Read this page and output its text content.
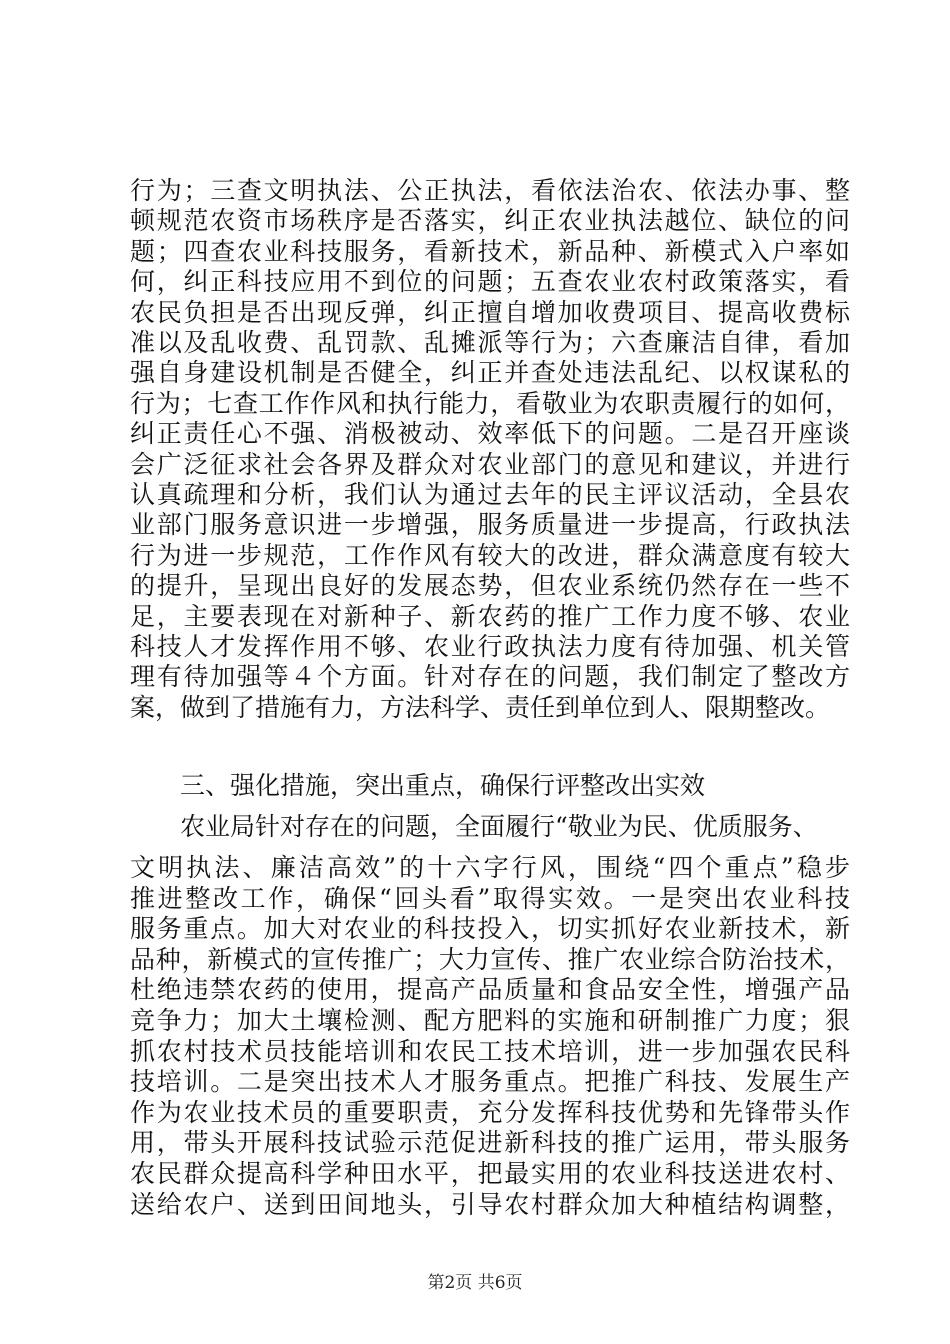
行为；三查文明执法、公正执法，看依法治农、依法办事、整
顿规范农资市场秩序是否落实，纠正农业执法越位、缺位的问
题；四查农业科技服务，看新技术，新品种、新模式入户率如
何，纠正科技应用不到位的问题；五查农业农村政策落实，看
农民负担是否出现反弹，纠正擅自增加收费项目、提高收费标
准以及乱收费、乱罚款、乱摊派等行为；六查廉洁自律，看加
强自身建设机制是否健全，纠正并查处违法乱纪、以权谋私的
行为；七查工作作风和执行能力，看敬业为农职责履行的如何，
纠正责任心不强、消极被动、效率低下的问题。二是召开座谈
会广泛征求社会各界及群众对农业部门的意见和建议，并进行
认真疏理和分析，我们认为通过去年的民主评议活动，全县农
业部门服务意识进一步增强，服务质量进一步提高，行政执法
行为进一步规范，工作作风有较大的改进，群众满意度有较大
的提升，呈现出良好的发展态势，但农业系统仍然存在一些不
足，主要表现在对新种子、新农药的推广工作力度不够、农业
科技人才发挥作用不够、农业行政执法力度有待加强、机关管
理有待加强等４个方面。针对存在的问题，我们制定了整改方
案，做到了措施有力，方法科学、责任到单位到人、限期整改。
三、强化措施，突出重点，确保行评整改出实效
农业局针对存在的问题，全面履行“敬业为民、优质服务、
文明执法、廉洁高效”的十六字行风，围绕“四个重点”稳步
推进整改工作，确保“回头看”取得实效。一是突出农业科技
服务重点。加大对农业的科技投入，切实抓好农业新技术，新
品种，新模式的宣传推广；大力宣传、推广农业综合防治技术，
杜绝违禁农药的使用，提高产品质量和食品安全性，增强产品
竞争力；加大土壤检测、配方肥料的实施和研制推广力度；狠
抓农村技术员技能培训和农民工技术培训，进一步加强农民科
技培训。二是突出技术人才服务重点。把推广科技、发展生产
作为农业技术员的重要职责，充分发挥科技优势和先锋带头作
用，带头开展科技试验示范促进新科技的推广运用，带头服务
农民群众提高科学种田水平，把最实用的农业科技送进农村、
送给农户、送到田间地头，引导农村群众加大种植结构调整，
第2页 共6页
